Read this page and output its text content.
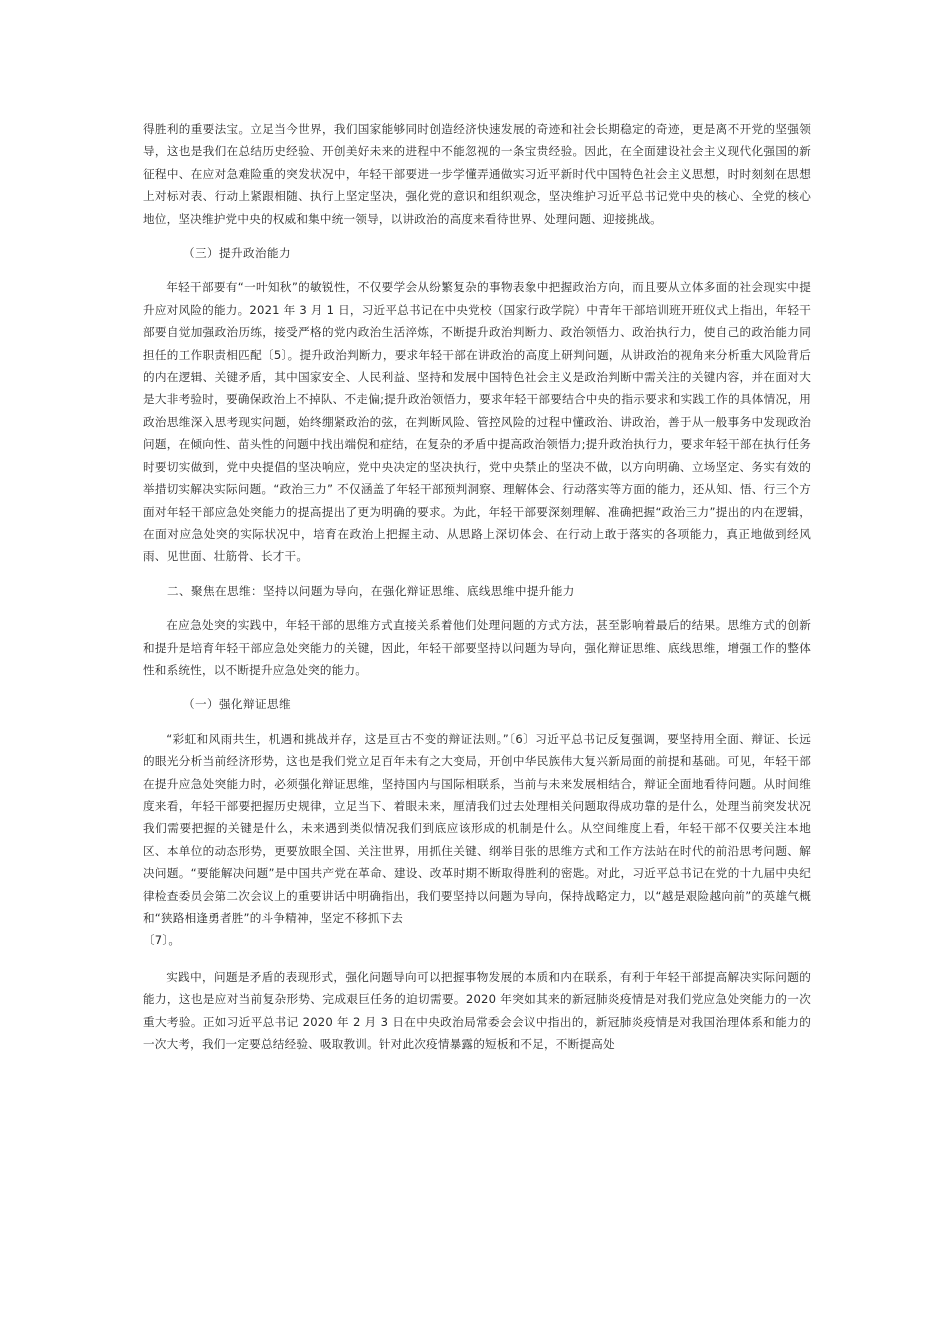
得胜利的重要法宝。立足当今世界，我们国家能够同时创造经济快速发展的奇迹和社会长期稳定的奇迹，更是离不开党的坚强领导，这也是我们在总结历史经验、开创美好未来的进程中不能忽视的一条宝贵经验。因此，在全面建设社会主义现代化强国的新征程中、在应对急难险重的突发状况中，年轻干部要进一步学懂弄通做实习近平新时代中国特色社会主义思想，时时刻刻在思想上对标对表、行动上紧跟相随、执行上坚定坚决，强化党的意识和组织观念，坚决维护习近平总书记党中央的核心、全党的核心地位，坚决维护党中央的权威和集中统一领导，以讲政治的高度来看待世界、处理问题、迎接挑战。

（三）提升政治能力

年轻干部要有“一叶知秋”的敏锐性，不仅要学会从纷繁复杂的事物表象中把握政治方向，而且要从立体多面的社会现实中提升应对风险的能力。2021 年 3 月 1 日，习近平总书记在中央党校（国家行政学院）中青年干部培训班开班仪式上指出，年轻干部要自觉加强政治历练，接受严格的党内政治生活淬炼，不断提升政治判断力、政治领悟力、政治执行力，使自己的政治能力同担任的工作职责相匹配〔5〕。提升政治判断力，要求年轻干部在讲政治的高度上研判问题，从讲政治的视角来分析重大风险背后的内在逻辑、关键矛盾，其中国家安全、人民利益、坚持和发展中国特色社会主义是政治判断中需关注的关键内容，并在面对大是大非考验时，要确保政治上不掉队、不走偏;提升政治领悟力，要求年轻干部要结合中央的指示要求和实践工作的具体情况，用政治思维深入思考现实问题，始终绷紧政治的弦，在判断风险、管控风险的过程中懂政治、讲政治，善于从一般事务中发现政治问题，在倾向性、苗头性的问题中找出端倪和症结，在复杂的矛盾中提高政治领悟力;提升政治执行力，要求年轻干部在执行任务时要切实做到，党中央提倡的坚决响应，党中央决定的坚决执行，党中央禁止的坚决不做，以方向明确、立场坚定、务实有效的举措切实解决实际问题。“政治三力” 不仅涵盖了年轻干部预判洞察、理解体会、行动落实等方面的能力，还从知、悟、行三个方面对年轻干部应急处突能力的提高提出了更为明确的要求。为此，年轻干部要深刻理解、准确把握“政治三力”提出的内在逻辑，在面对应急处突的实际状况中，培育在政治上把握主动、从思路上深切体会、在行动上敢于落实的各项能力，真正地做到经风雨、见世面、壮筋骨、长才干。

二、聚焦在思维：坚持以问题为导向，在强化辩证思维、底线思维中提升能力

在应急处突的实践中，年轻干部的思维方式直接关系着他们处理问题的方式方法，甚至影响着最后的结果。思维方式的创新和提升是培育年轻干部应急处突能力的关键，因此，年轻干部要坚持以问题为导向，强化辩证思维、底线思维，增强工作的整体性和系统性，以不断提升应急处突的能力。

（一）强化辩证思维

“彩虹和风雨共生，机遇和挑战并存，这是亘古不变的辩证法则。”〔6〕习近平总书记反复强调，要坚持用全面、辩证、长远的眼光分析当前经济形势，这也是我们党立足百年未有之大变局，开创中华民族伟大复兴新局面的前提和基础。可见，年轻干部在提升应急处突能力时，必须强化辩证思维，坚持国内与国际相联系，当前与未来发展相结合，辩证全面地看待问题。从时间维度来看，年轻干部要把握历史规律，立足当下、着眼未来，厘清我们过去处理相关问题取得成功靠的是什么，处理当前突发状况我们需要把握的关键是什么，未来遇到类似情况我们到底应该形成的机制是什么。从空间维度上看，年轻干部不仅要关注本地区、本单位的动态形势，更要放眼全国、关注世界，用抓住关键、纲举目张的思维方式和工作方法站在时代的前沿思考问题、解决问题。“要能解决问题”是中国共产党在革命、建设、改革时期不断取得胜利的密匙。对此，习近平总书记在党的十九届中央纪律检查委员会第二次会议上的重要讲话中明确指出，我们要坚持以问题为导向，保持战略定力，以“越是艰险越向前”的英雄气概和“狭路相逢勇者胜”的斗争精神，坚定不移抓下去

〔7〕。

实践中，问题是矛盾的表现形式，强化问题导向可以把握事物发展的本质和内在联系，有利于年轻干部提高解决实际问题的能力，这也是应对当前复杂形势、完成艰巨任务的迫切需要。2020 年突如其来的新冠肺炎疫情是对我们党应急处突能力的一次重大考验。正如习近平总书记 2020 年 2 月 3 日在中央政治局常委会会议中指出的，新冠肺炎疫情是对我国治理体系和能力的一次大考，我们一定要总结经验、吸取教训。针对此次疫情暴露的短板和不足，不断提高处
